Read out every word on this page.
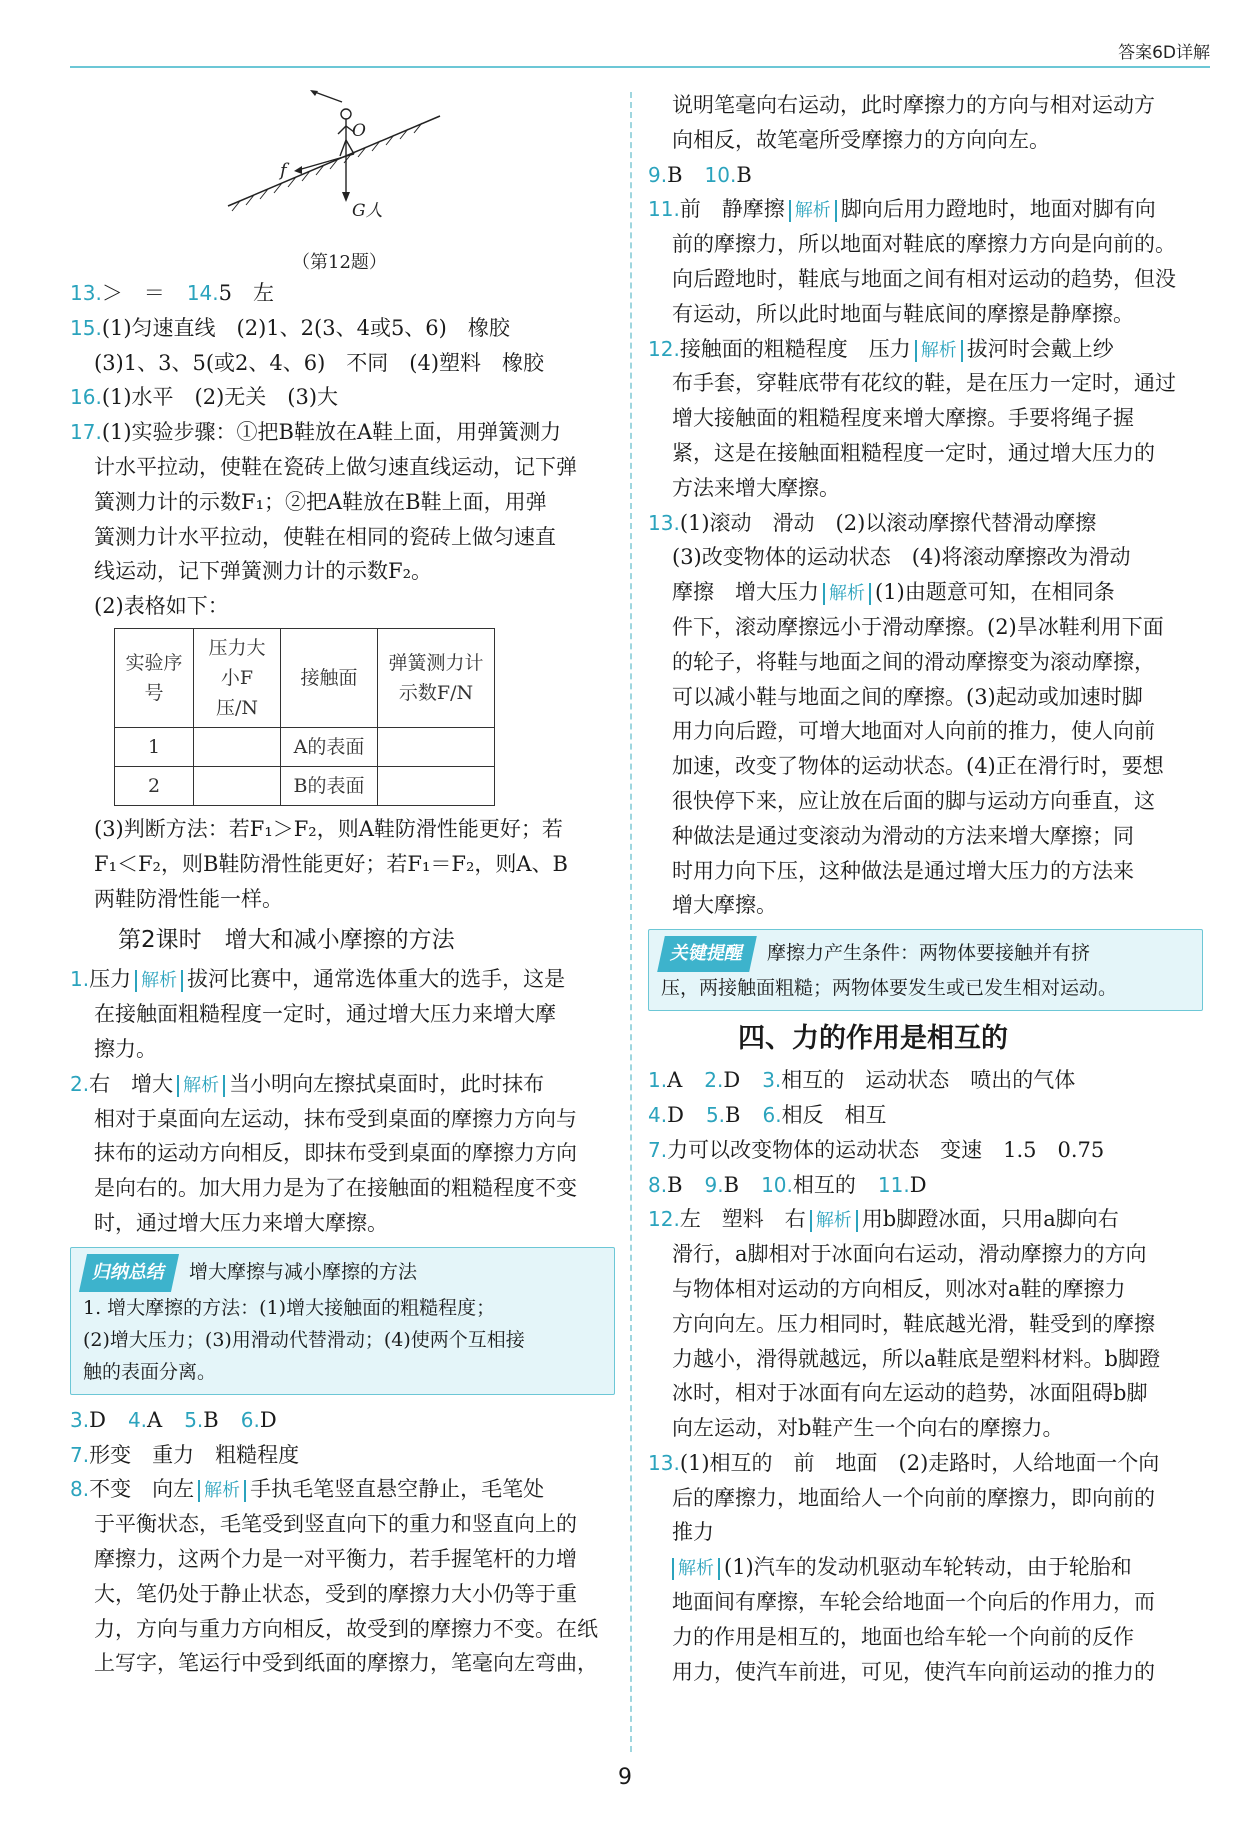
答案6D详解
f
O
G人
（第12题）

13.＞　＝ 14.5　左

15.(1)匀速直线　(2)1、2(3、4或5、6)　橡胶

(3)1、3、5(或2、4、6)　不同　(4)塑料　橡胶

16.(1)水平　(2)无关　(3)大

17.(1)实验步骤：①把B鞋放在A鞋上面，用弹簧测力

计水平拉动，使鞋在瓷砖上做匀速直线运动，记下弹

簧测力计的示数F₁；②把A鞋放在B鞋上面，用弹

簧测力计水平拉动，使鞋在相同的瓷砖上做匀速直

线运动，记下弹簧测力计的示数F₂。

(2)表格如下：

实验序号	压力大小F压/N	接触面	弹簧测力计示数F/N
1		A的表面	
2		B的表面	

(3)判断方法：若F₁＞F₂，则A鞋防滑性能更好；若

F₁＜F₂，则B鞋防滑性能更好；若F₁＝F₂，则A、B

两鞋防滑性能一样。

第2课时　增大和减小摩擦的方法

1.压力 解析 拔河比赛中，通常选体重大的选手，这是

在接触面粗糙程度一定时，通过增大压力来增大摩

擦力。

2.右　增大 解析 当小明向左擦拭桌面时，此时抹布

相对于桌面向左运动，抹布受到桌面的摩擦力方向与

抹布的运动方向相反，即抹布受到桌面的摩擦力方向

是向右的。加大用力是为了在接触面的粗糙程度不变

时，通过增大压力来增大摩擦。

归纳总结 增大摩擦与减小摩擦的方法

1. 增大摩擦的方法：(1)增大接触面的粗糙程度；

(2)增大压力；(3)用滑动代替滑动；(4)使两个互相接

触的表面分离。

3.D 4.A 5.B 6.D

7.形变　重力　粗糙程度

8.不变　向左 解析 手执毛笔竖直悬空静止，毛笔处

于平衡状态，毛笔受到竖直向下的重力和竖直向上的

摩擦力，这两个力是一对平衡力，若手握笔杆的力增

大，笔仍处于静止状态，受到的摩擦力大小仍等于重

力，方向与重力方向相反，故受到的摩擦力不变。在纸

上写字，笔运行中受到纸面的摩擦力，笔毫向左弯曲，

说明笔毫向右运动，此时摩擦力的方向与相对运动方

向相反，故笔毫所受摩擦力的方向向左。

9.B 10.B

11.前　静摩擦 解析 脚向后用力蹬地时，地面对脚有向

前的摩擦力，所以地面对鞋底的摩擦力方向是向前的。

向后蹬地时，鞋底与地面之间有相对运动的趋势，但没

有运动，所以此时地面与鞋底间的摩擦是静摩擦。

12.接触面的粗糙程度　压力 解析 拔河时会戴上纱

布手套，穿鞋底带有花纹的鞋，是在压力一定时，通过

增大接触面的粗糙程度来增大摩擦。手要将绳子握

紧，这是在接触面粗糙程度一定时，通过增大压力的

方法来增大摩擦。

13.(1)滚动　滑动　(2)以滚动摩擦代替滑动摩擦

(3)改变物体的运动状态　(4)将滚动摩擦改为滑动

摩擦　增大压力 解析 (1)由题意可知，在相同条

件下，滚动摩擦远小于滑动摩擦。(2)旱冰鞋利用下面

的轮子，将鞋与地面之间的滑动摩擦变为滚动摩擦，

可以减小鞋与地面之间的摩擦。(3)起动或加速时脚

用力向后蹬，可增大地面对人向前的推力，使人向前

加速，改变了物体的运动状态。(4)正在滑行时，要想

很快停下来，应让放在后面的脚与运动方向垂直，这

种做法是通过变滚动为滑动的方法来增大摩擦；同

时用力向下压，这种做法是通过增大压力的方法来

增大摩擦。

关键提醒 摩擦力产生条件：两物体要接触并有挤

压，两接触面粗糙；两物体要发生或已发生相对运动。

四、力的作用是相互的

1.A 2.D 3.相互的　运动状态　喷出的气体

4.D 5.B 6.相反　相互

7.力可以改变物体的运动状态　变速　1.5　0.75

8.B 9.B 10.相互的 11.D

12.左　塑料　右 解析 用b脚蹬冰面，只用a脚向右

滑行，a脚相对于冰面向右运动，滑动摩擦力的方向

与物体相对运动的方向相反，则冰对a鞋的摩擦力

方向向左。压力相同时，鞋底越光滑，鞋受到的摩擦

力越小，滑得就越远，所以a鞋底是塑料材料。b脚蹬

冰时，相对于冰面有向左运动的趋势，冰面阻碍b脚

向左运动，对b鞋产生一个向右的摩擦力。

13.(1)相互的　前　地面　(2)走路时，人给地面一个向

后的摩擦力，地面给人一个向前的摩擦力，即向前的

推力

解析 (1)汽车的发动机驱动车轮转动，由于轮胎和

地面间有摩擦，车轮会给地面一个向后的作用力，而

力的作用是相互的，地面也给车轮一个向前的反作

用力，使汽车前进，可见，使汽车向前运动的推力的

9
